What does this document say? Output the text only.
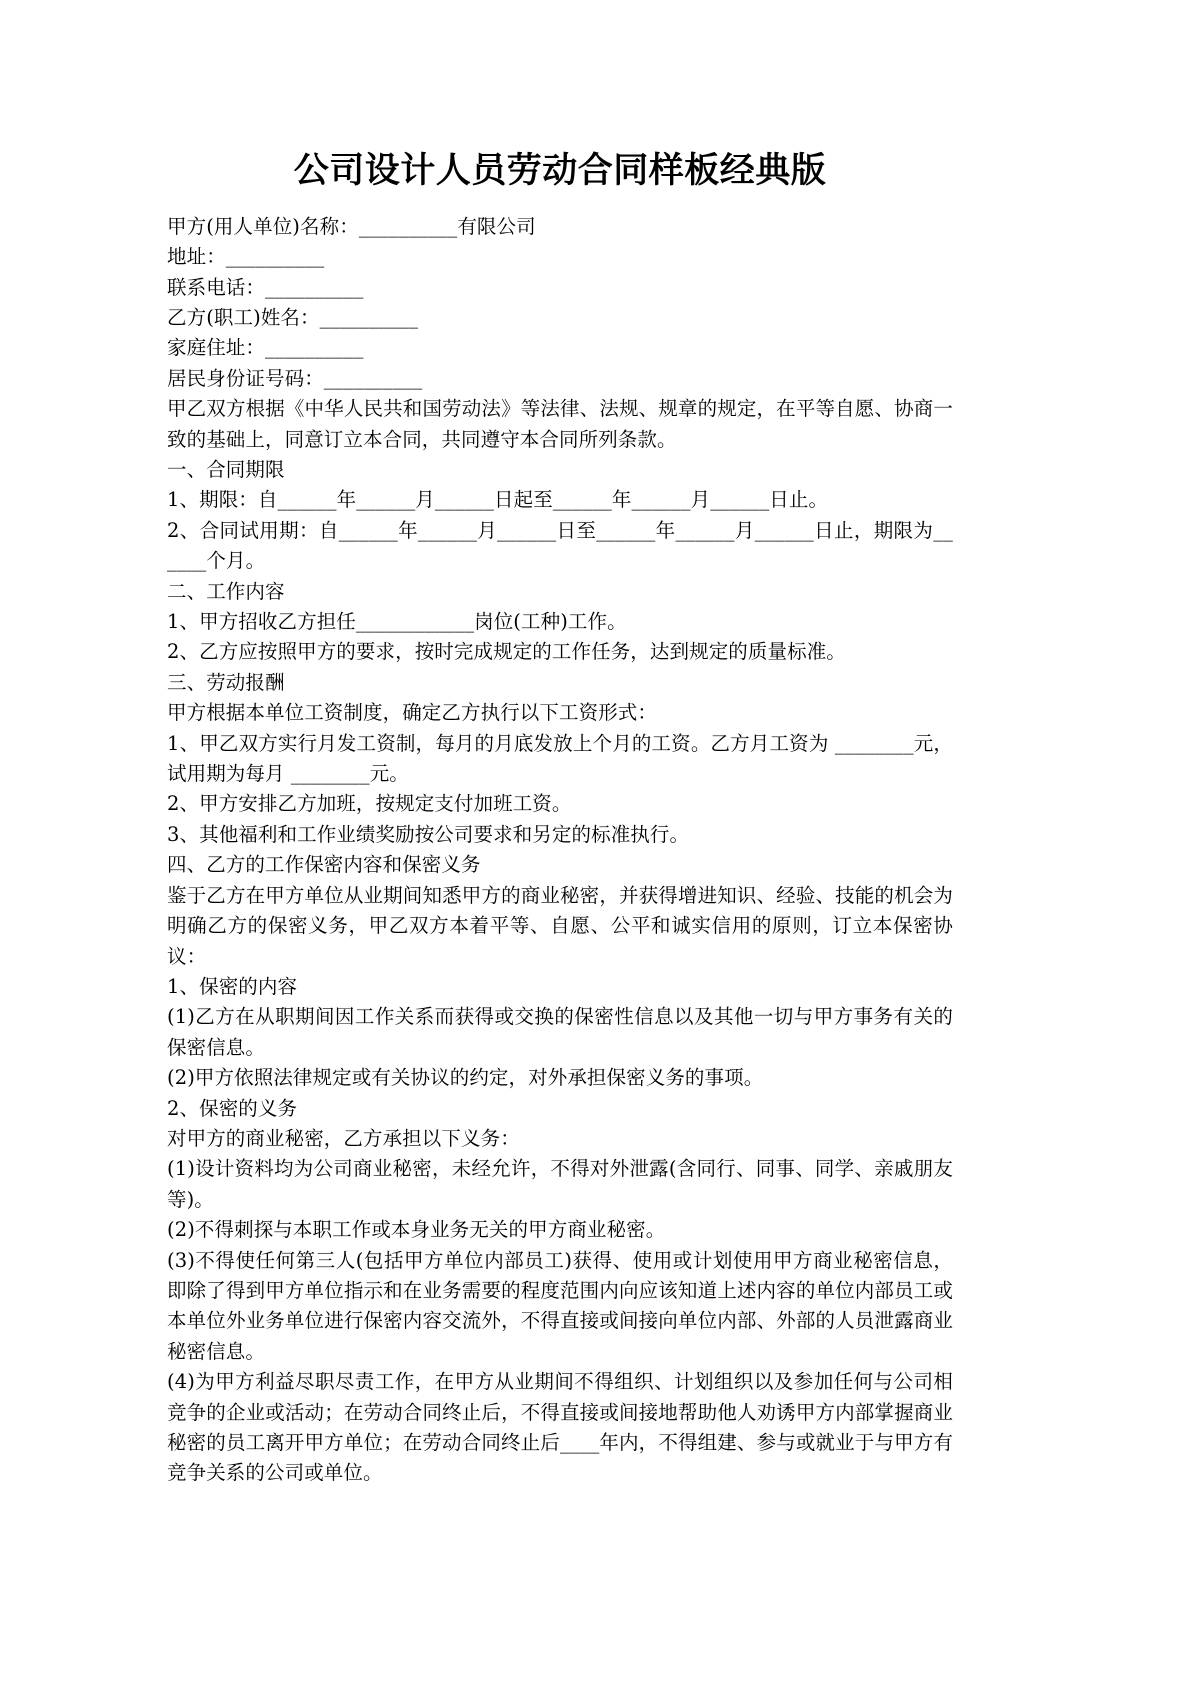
公司设计人员劳动合同样板经典版

甲方(用人单位)名称：__________有限公司

地址：__________

联系电话：__________

乙方(职工)姓名：__________

家庭住址：__________

居民身份证号码：__________

甲乙双方根据《中华人民共和国劳动法》等法律、法规、规章的规定，在平等自愿、协商一致的基础上，同意订立本合同，共同遵守本合同所列条款。

一、合同期限

1、期限：自______年______月______日起至______年______月______日止。

2、合同试用期：自______年______月______日至______年______月______日止，期限为______个月。

二、工作内容

1、甲方招收乙方担任____________岗位(工种)工作。

2、乙方应按照甲方的要求，按时完成规定的工作任务，达到规定的质量标准。

三、劳动报酬

甲方根据本单位工资制度，确定乙方执行以下工资形式：

1、甲乙双方实行月发工资制，每月的月底发放上个月的工资。乙方月工资为 ________元，试用期为每月 ________元。

2、甲方安排乙方加班，按规定支付加班工资。

3、其他福利和工作业绩奖励按公司要求和另定的标准执行。

四、乙方的工作保密内容和保密义务

鉴于乙方在甲方单位从业期间知悉甲方的商业秘密，并获得增进知识、经验、技能的机会为明确乙方的保密义务，甲乙双方本着平等、自愿、公平和诚实信用的原则，订立本保密协议：

1、保密的内容

(1)乙方在从职期间因工作关系而获得或交换的保密性信息以及其他一切与甲方事务有关的保密信息。

(2)甲方依照法律规定或有关协议的约定，对外承担保密义务的事项。

2、保密的义务

对甲方的商业秘密，乙方承担以下义务：

(1)设计资料均为公司商业秘密，未经允许，不得对外泄露(含同行、同事、同学、亲戚朋友等)。

(2)不得刺探与本职工作或本身业务无关的甲方商业秘密。

(3)不得使任何第三人(包括甲方单位内部员工)获得、使用或计划使用甲方商业秘密信息，即除了得到甲方单位指示和在业务需要的程度范围内向应该知道上述内容的单位内部员工或本单位外业务单位进行保密内容交流外，不得直接或间接向单位内部、外部的人员泄露商业秘密信息。

(4)为甲方利益尽职尽责工作，在甲方从业期间不得组织、计划组织以及参加任何与公司相竞争的企业或活动；在劳动合同终止后，不得直接或间接地帮助他人劝诱甲方内部掌握商业秘密的员工离开甲方单位；在劳动合同终止后____年内，不得组建、参与或就业于与甲方有竞争关系的公司或单位。
